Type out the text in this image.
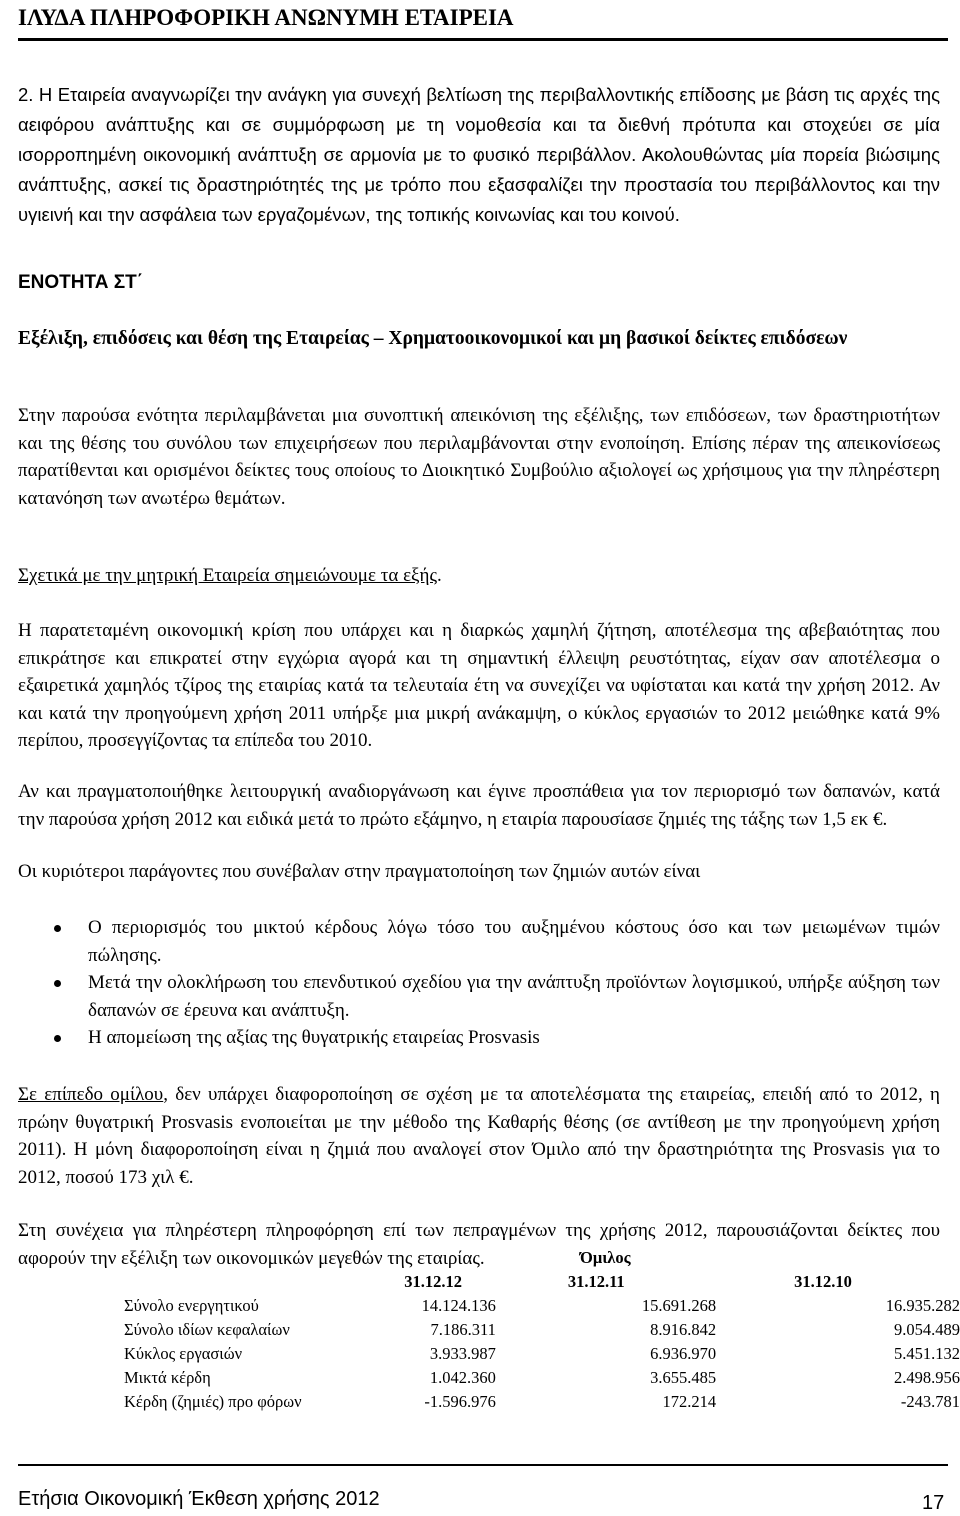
ΙΛΥΔΑ ΠΛΗΡΟΦΟΡΙΚΗ ΑΝΩΝΥΜΗ ΕΤΑΙΡΕΙΑ
2. Η Εταιρεία αναγνωρίζει την ανάγκη για συνεχή βελτίωση της περιβαλλοντικής επίδοσης με βάση τις αρχές της αειφόρου ανάπτυξης και σε συμμόρφωση με τη νομοθεσία και τα διεθνή πρότυπα και στοχεύει σε μία ισορροπημένη οικονομική ανάπτυξη σε αρμονία με το φυσικό περιβάλλον. Ακολουθώντας μία πορεία βιώσιμης ανάπτυξης, ασκεί τις δραστηριότητές της με τρόπο που εξασφαλίζει την προστασία του περιβάλλοντος και την υγιεινή και την ασφάλεια των εργαζομένων, της τοπικής κοινωνίας και του κοινού.
ΕΝΟΤΗΤΑ ΣΤ΄
Εξέλιξη, επιδόσεις και θέση της Εταιρείας – Χρηματοοικονομικοί και μη βασικοί δείκτες επιδόσεων
Στην παρούσα ενότητα περιλαμβάνεται μια συνοπτική απεικόνιση της εξέλιξης, των επιδόσεων, των δραστηριοτήτων και της θέσης του συνόλου των επιχειρήσεων που περιλαμβάνονται στην ενοποίηση. Επίσης πέραν της απεικονίσεως παρατίθενται και ορισμένοι δείκτες τους οποίους το Διοικητικό Συμβούλιο αξιολογεί ως χρήσιμους για την πληρέστερη κατανόηση των ανωτέρω θεμάτων.
Σχετικά με την μητρική Εταιρεία σημειώνουμε τα εξής.
Η παρατεταμένη οικονομική κρίση που υπάρχει και η διαρκώς χαμηλή ζήτηση, αποτέλεσμα της αβεβαιότητας που επικράτησε και επικρατεί στην εγχώρια αγορά και τη σημαντική έλλειψη ρευστότητας, είχαν σαν αποτέλεσμα ο εξαιρετικά χαμηλός τζίρος της εταιρίας κατά τα τελευταία έτη να συνεχίζει να υφίσταται και κατά την χρήση 2012. Αν και κατά την προηγούμενη χρήση 2011 υπήρξε μια μικρή ανάκαμψη, ο κύκλος εργασιών το 2012 μειώθηκε κατά 9% περίπου, προσεγγίζοντας τα επίπεδα του 2010.
Αν και πραγματοποιήθηκε λειτουργική αναδιοργάνωση και έγινε προσπάθεια για τον περιορισμό των δαπανών, κατά την παρούσα χρήση 2012 και ειδικά μετά το πρώτο εξάμηνο, η εταιρία παρουσίασε ζημιές της τάξης των 1,5 εκ €.
Οι κυριότεροι παράγοντες που συνέβαλαν στην πραγματοποίηση των ζημιών αυτών είναι
Ο περιορισμός του μικτού κέρδους λόγω τόσο του αυξημένου κόστους όσο και των μειωμένων τιμών πώλησης.
Μετά την ολοκλήρωση του επενδυτικού σχεδίου για την ανάπτυξη προϊόντων λογισμικού, υπήρξε αύξηση των δαπανών σε έρευνα και ανάπτυξη.
Η απομείωση της αξίας της θυγατρικής εταιρείας Prosvasis
Σε επίπεδο ομίλου, δεν υπάρχει διαφοροποίηση σε σχέση με τα αποτελέσματα της εταιρείας, επειδή από το 2012, η πρώην θυγατρική Prosvasis ενοποιείται με την μέθοδο της Καθαρής θέσης (σε αντίθεση με την προηγούμενη χρήση 2011). Η μόνη διαφοροποίηση είναι η ζημιά που αναλογεί στον Όμιλο από την δραστηριότητα της Prosvasis για το 2012, ποσού 173 χιλ €.
Στη συνέχεια για πληρέστερη πληροφόρηση επί των πεπραγμένων της χρήσης 2012, παρουσιάζονται δείκτες που αφορούν την εξέλιξη των οικονομικών μεγεθών της εταιρίας.	Όμιλος
	31.12.12	31.12.11	31.12.10
Σύνολο ενεργητικού	14.124.136	15.691.268	16.935.282
Σύνολο ιδίων κεφαλαίων	7.186.311	8.916.842	9.054.489
Κύκλος εργασιών	3.933.987	6.936.970	5.451.132
Μικτά κέρδη	1.042.360	3.655.485	2.498.956
Κέρδη (ζημιές) προ φόρων	-1.596.976	172.214	-243.781
Ετήσια Οικονομική Έκθεση χρήσης 2012	17
